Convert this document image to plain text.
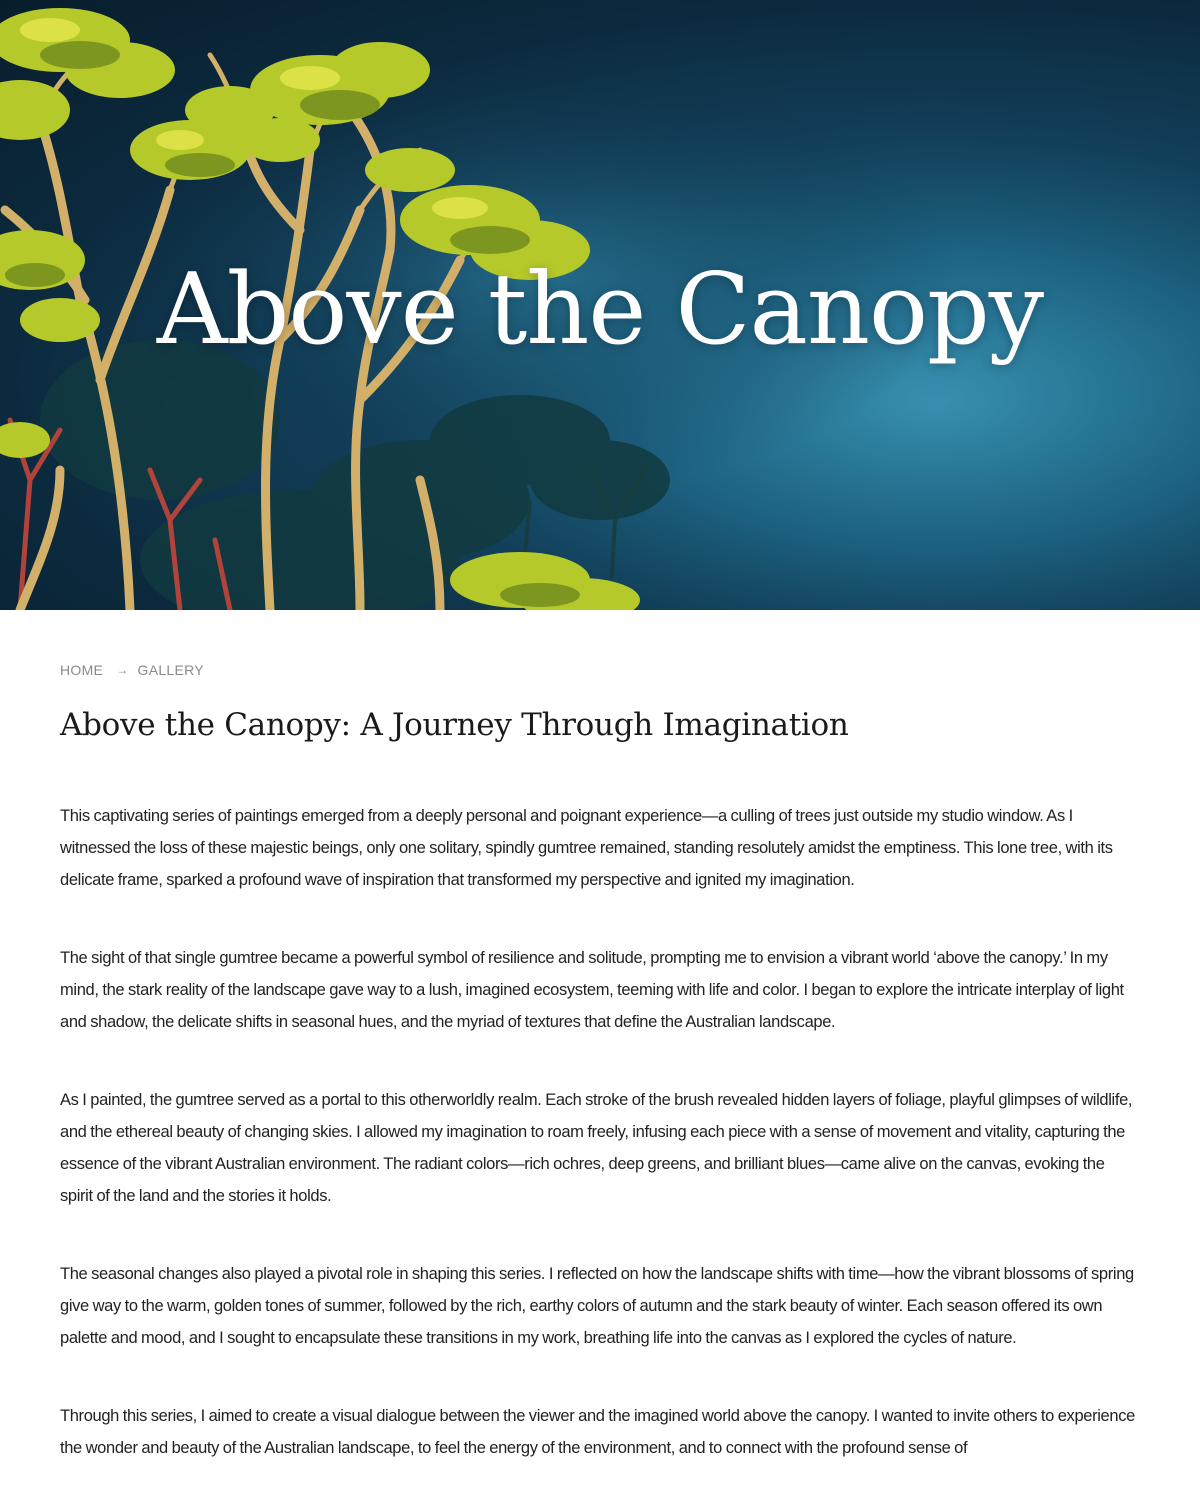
Above the Canopy
HOME → GALLERY
Above the Canopy: A Journey Through Imagination

This captivating series of paintings emerged from a deeply personal and poignant experience—a culling of trees just outside my studio window. As I witnessed the loss of these majestic beings, only one solitary, spindly gumtree remained, standing resolutely amidst the emptiness. This lone tree, with its delicate frame, sparked a profound wave of inspiration that transformed my perspective and ignited my imagination.

The sight of that single gumtree became a powerful symbol of resilience and solitude, prompting me to envision a vibrant world ‘above the canopy.’ In my mind, the stark reality of the landscape gave way to a lush, imagined ecosystem, teeming with life and color. I began to explore the intricate interplay of light and shadow, the delicate shifts in seasonal hues, and the myriad of textures that define the Australian landscape.

As I painted, the gumtree served as a portal to this otherworldly realm. Each stroke of the brush revealed hidden layers of foliage, playful glimpses of wildlife, and the ethereal beauty of changing skies. I allowed my imagination to roam freely, infusing each piece with a sense of movement and vitality, capturing the essence of the vibrant Australian environment. The radiant colors—rich ochres, deep greens, and brilliant blues—came alive on the canvas, evoking the spirit of the land and the stories it holds.

The seasonal changes also played a pivotal role in shaping this series. I reflected on how the landscape shifts with time—how the vibrant blossoms of spring give way to the warm, golden tones of summer, followed by the rich, earthy colors of autumn and the stark beauty of winter. Each season offered its own palette and mood, and I sought to encapsulate these transitions in my work, breathing life into the canvas as I explored the cycles of nature.

Through this series, I aimed to create a visual dialogue between the viewer and the imagined world above the canopy. I wanted to invite others to experience the wonder and beauty of the Australian landscape, to feel the energy of the environment, and to connect with the profound sense of
